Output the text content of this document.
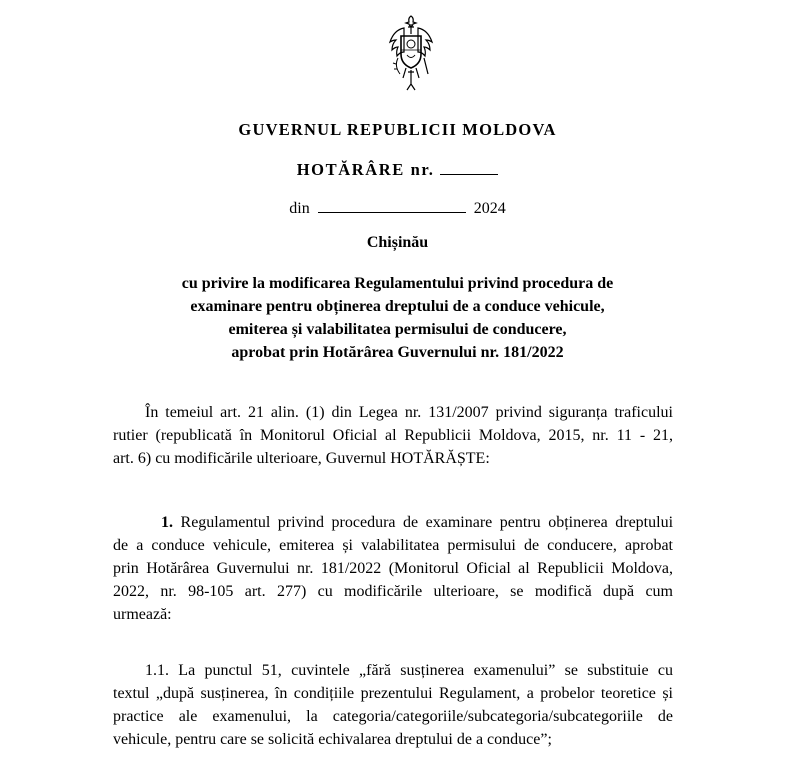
GUVERNUL REPUBLICII MOLDOVA
HOTĂRÂRE nr.
din	2024
Chișinău
cu privire la modificarea Regulamentului privind procedura de
examinare pentru obținerea dreptului de a conduce vehicule,
emiterea și valabilitatea permisului de conducere,
aprobat prin Hotărârea Guvernului nr. 181/2022
În temeiul art. 21 alin. (1) din Legea nr. 131/2007 privind siguranța traficului
rutier (republicată în Monitorul Oficial al Republicii Moldova, 2015, nr. 11 - 21,
art. 6) cu modificările ulterioare, Guvernul HOTĂRĂȘTE:
1. Regulamentul privind procedura de examinare pentru obținerea dreptului
de a conduce vehicule, emiterea și valabilitatea permisului de conducere, aprobat
prin Hotărârea Guvernului nr. 181/2022 (Monitorul Oficial al Republicii Moldova,
2022, nr. 98-105 art. 277) cu modificările ulterioare, se modifică după cum
urmează:
1.1. La punctul 51, cuvintele „fără susținerea examenului” se substituie cu
textul „după susținerea, în condițiile prezentului Regulament, a probelor teoretice și
practice ale examenului, la categoria/categoriile/subcategoria/subcategoriile de
vehicule, pentru care se solicită echivalarea dreptului de a conduce”;
